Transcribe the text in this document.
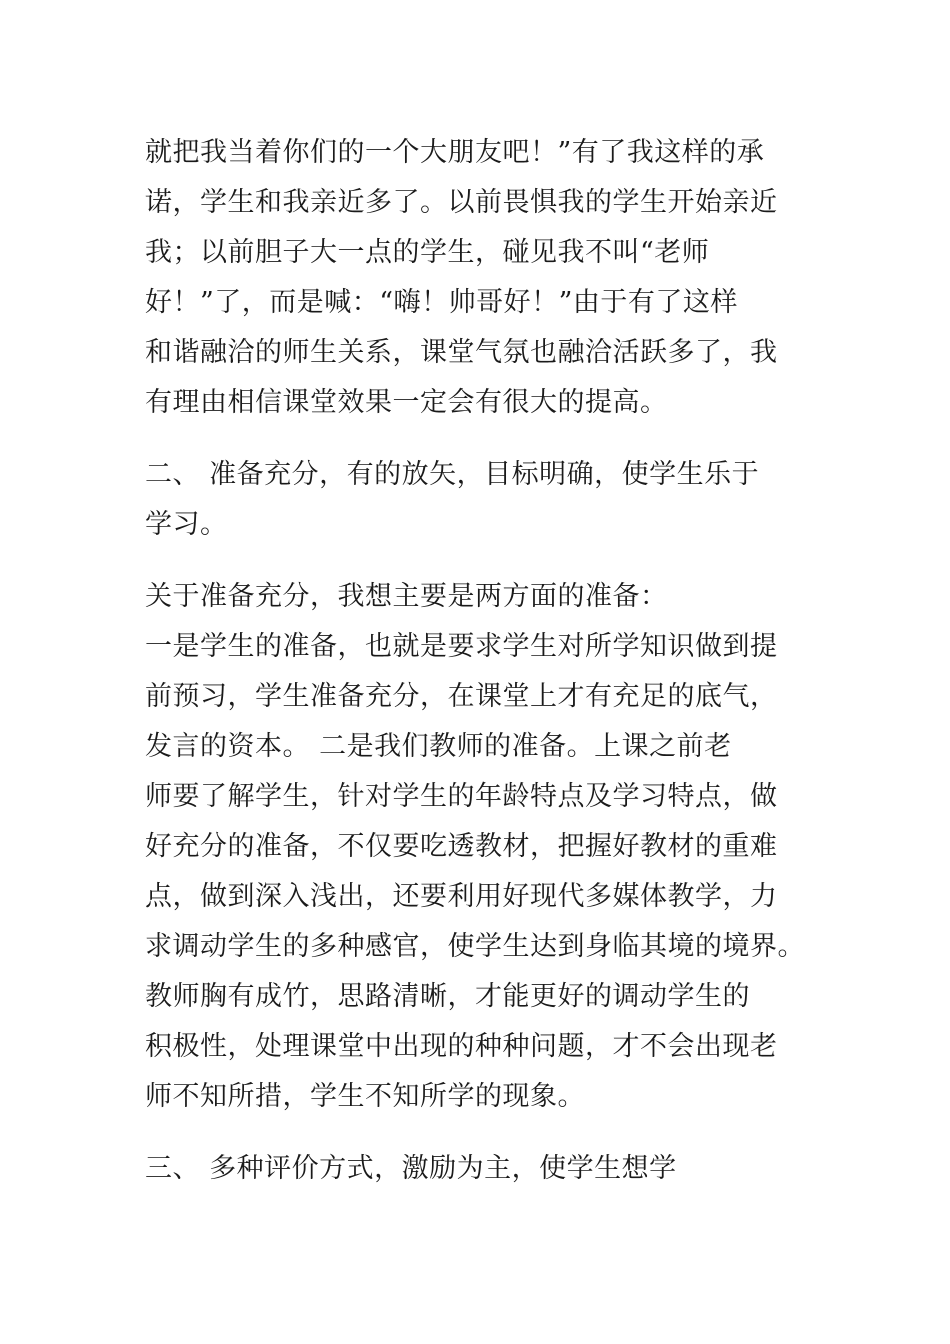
就把我当着你们的一个大朋友吧！”有了我这样的承
诺，学生和我亲近多了。以前畏惧我的学生开始亲近
我；以前胆子大一点的学生，碰见我不叫“老师
好！”了，而是喊：“嗨！帅哥好！”由于有了这样
和谐融洽的师生关系，课堂气氛也融洽活跃多了，我
有理由相信课堂效果一定会有很大的提高。
二、 准备充分，有的放矢，目标明确，使学生乐于
学习。
关于准备充分，我想主要是两方面的准备：
一是学生的准备，也就是要求学生对所学知识做到提
前预习，学生准备充分，在课堂上才有充足的底气，
发言的资本。 二是我们教师的准备。上课之前老
师要了解学生，针对学生的年龄特点及学习特点，做
好充分的准备，不仅要吃透教材，把握好教材的重难
点，做到深入浅出，还要利用好现代多媒体教学，力
求调动学生的多种感官，使学生达到身临其境的境界。
教师胸有成竹，思路清晰，才能更好的调动学生的
积极性，处理课堂中出现的种种问题，才不会出现老
师不知所措，学生不知所学的现象。
三、 多种评价方式，激励为主，使学生想学
